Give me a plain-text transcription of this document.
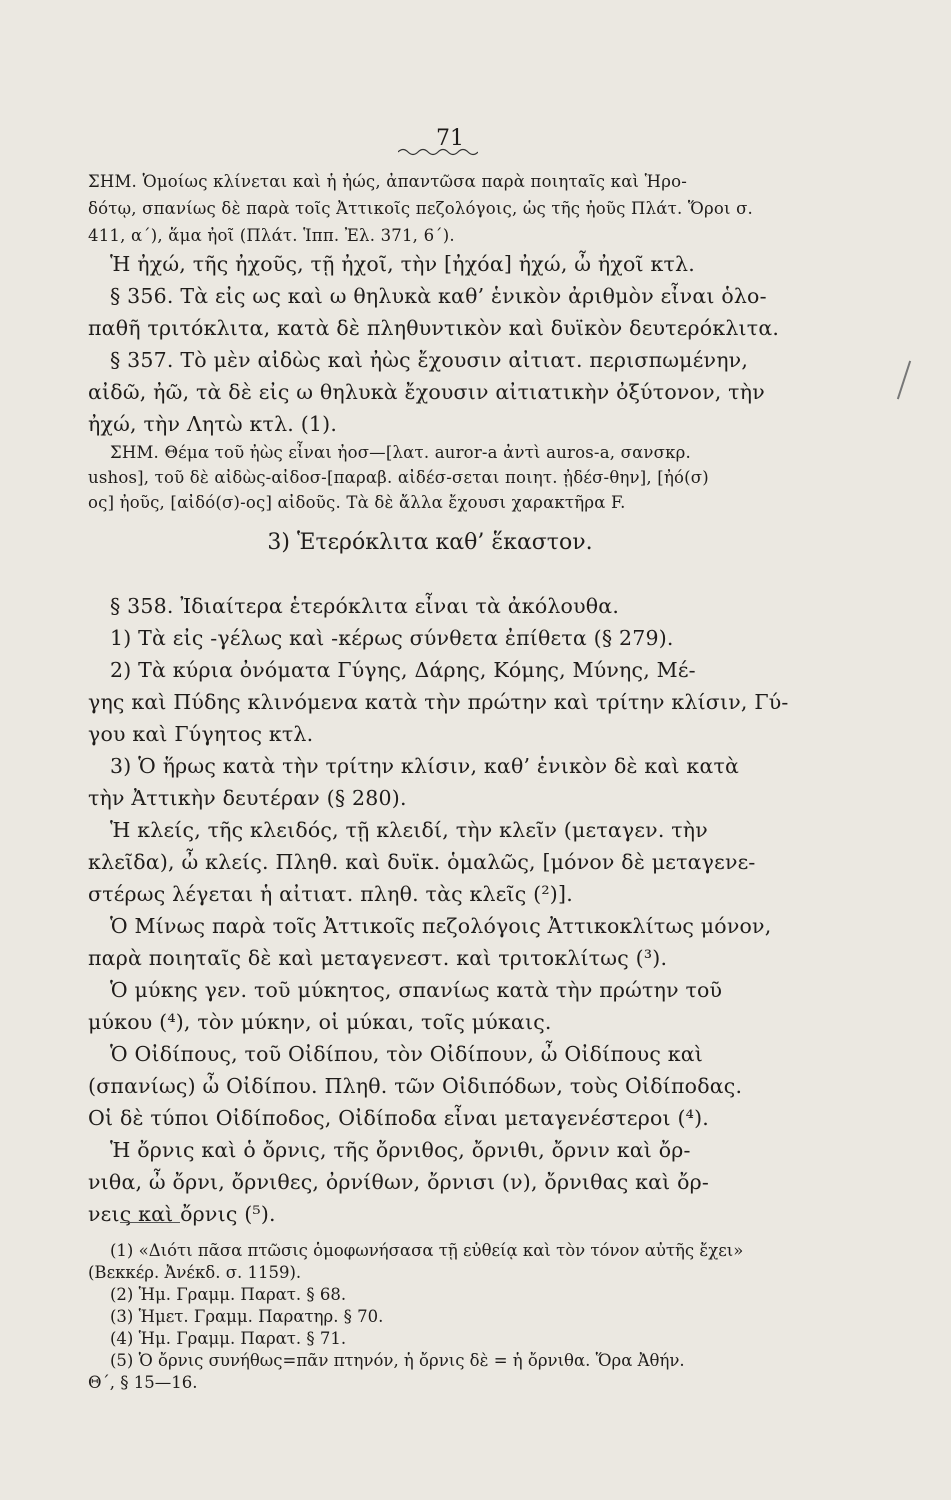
71
ΣΗΜ. Ὁμοίως κλίνεται καὶ ἡ ἠώς, ἀπαντῶσα παρὰ ποιηταῖς καὶ Ἡρο-
δότῳ, σπανίως δὲ παρὰ τοῖς Ἀττικοῖς πεζολόγοις, ὡς τῆς ἠοῦς Πλάτ. Ὅροι σ.
411, α΄), ἅμα ἠοῖ (Πλάτ. Ἱππ. Ἐλ. 371, 6΄).
Ἡ ἠχώ, τῆς ἠχοῦς, τῇ ἠχοῖ, τὴν [ἠχόα] ἠχώ, ὦ ἠχοῖ κτλ.
§ 356. Τὰ εἰς ως καὶ ω θηλυκὰ καθ’ ἑνικὸν ἀριθμὸν εἶναι ὁλο-
παθῆ τριτόκλιτα, κατὰ δὲ πληθυντικὸν καὶ δυϊκὸν δευτερόκλιτα.
§ 357. Τὸ μὲν αἰδὼς καὶ ἠὼς ἔχουσιν αἰτιατ. περισπωμένην,
αἰδῶ, ἠῶ, τὰ δὲ εἰς ω θηλυκὰ ἔχουσιν αἰτιατικὴν ὀξύτονον, τὴν
ἠχώ, τὴν Λητὼ κτλ. (1).
ΣΗΜ. Θέμα τοῦ ἠὼς εἶναι ἠοσ—[λατ. auror-a ἀντὶ auros-a, σανσκρ.
ushos], τοῦ δὲ αἰδὼς-αἰδοσ-[παραβ. αἰδέσ-σεται ποιητ. ᾐδέσ-θην], [ἠό(σ)
ος] ἠοῦς, [αἰδό(σ)-ος] αἰδοῦς. Τὰ δὲ ἄλλα ἔχουσι χαρακτῆρα F.
3) Ἑτερόκλιτα καθ’ ἕκαστον.
§ 358. Ἰδιαίτερα ἑτερόκλιτα εἶναι τὰ ἀκόλουθα.
1) Τὰ εἰς -γέλως καὶ -κέρως σύνθετα ἐπίθετα (§ 279).
2) Τὰ κύρια ὀνόματα Γύγης, Δάρης, Κόμης, Μύνης, Μέ-
γης καὶ Πύδης κλινόμενα κατὰ τὴν πρώτην καὶ τρίτην κλίσιν, Γύ-
γου καὶ Γύγητος κτλ.
3) Ὁ ἥρως κατὰ τὴν τρίτην κλίσιν, καθ’ ἑνικὸν δὲ καὶ κατὰ
τὴν Ἀττικὴν δευτέραν (§ 280).
Ἡ κλείς, τῆς κλειδός, τῇ κλειδί, τὴν κλεῖν (μεταγεν. τὴν
κλεῖδα), ὦ κλείς. Πληθ. καὶ δυϊκ. ὁμαλῶς, [μόνον δὲ μεταγενε-
στέρως λέγεται ἡ αἰτιατ. πληθ. τὰς κλεῖς (²)].
Ὁ Μίνως παρὰ τοῖς Ἀττικοῖς πεζολόγοις Ἀττικοκλίτως μόνον,
παρὰ ποιηταῖς δὲ καὶ μεταγενεστ. καὶ τριτοκλίτως (³).
Ὁ μύκης γεν. τοῦ μύκητος, σπανίως κατὰ τὴν πρώτην τοῦ
μύκου (⁴), τὸν μύκην, οἱ μύκαι, τοῖς μύκαις.
Ὁ Οἰδίπους, τοῦ Οἰδίπου, τὸν Οἰδίπουν, ὦ Οἰδίπους καὶ
(σπανίως) ὦ Οἰδίπου. Πληθ. τῶν Οἰδιπόδων, τοὺς Οἰδίποδας.
Οἱ δὲ τύποι Οἰδίποδος, Οἰδίποδα εἶναι μεταγενέστεροι (⁴).
Ἡ ὄρνις καὶ ὁ ὄρνις, τῆς ὄρνιθος, ὄρνιθι, ὄρνιν καὶ ὄρ-
νιθα, ὦ ὄρνι, ὄρνιθες, ὀρνίθων, ὄρνισι (ν), ὄρνιθας καὶ ὄρ-
νεις καὶ ὄρνις (⁵).
(1) «Διότι πᾶσα πτῶσις ὁμοφωνήσασα τῇ εὐθείᾳ καὶ τὸν τόνον αὐτῆς ἔχει»
(Βεκκέρ. Ἀνέκδ. σ. 1159).
(2) Ἡμ. Γραμμ. Παρατ. § 68.
(3) Ἡμετ. Γραμμ. Παρατηρ. § 70.
(4) Ἡμ. Γραμμ. Παρατ. § 71.
(5) Ὁ ὄρνις συνήθως=πᾶν πτηνόν, ἡ ὄρνις δὲ = ἡ ὄρνιθα. Ὅρα Ἀθήν.
Θ΄, § 15—16.
